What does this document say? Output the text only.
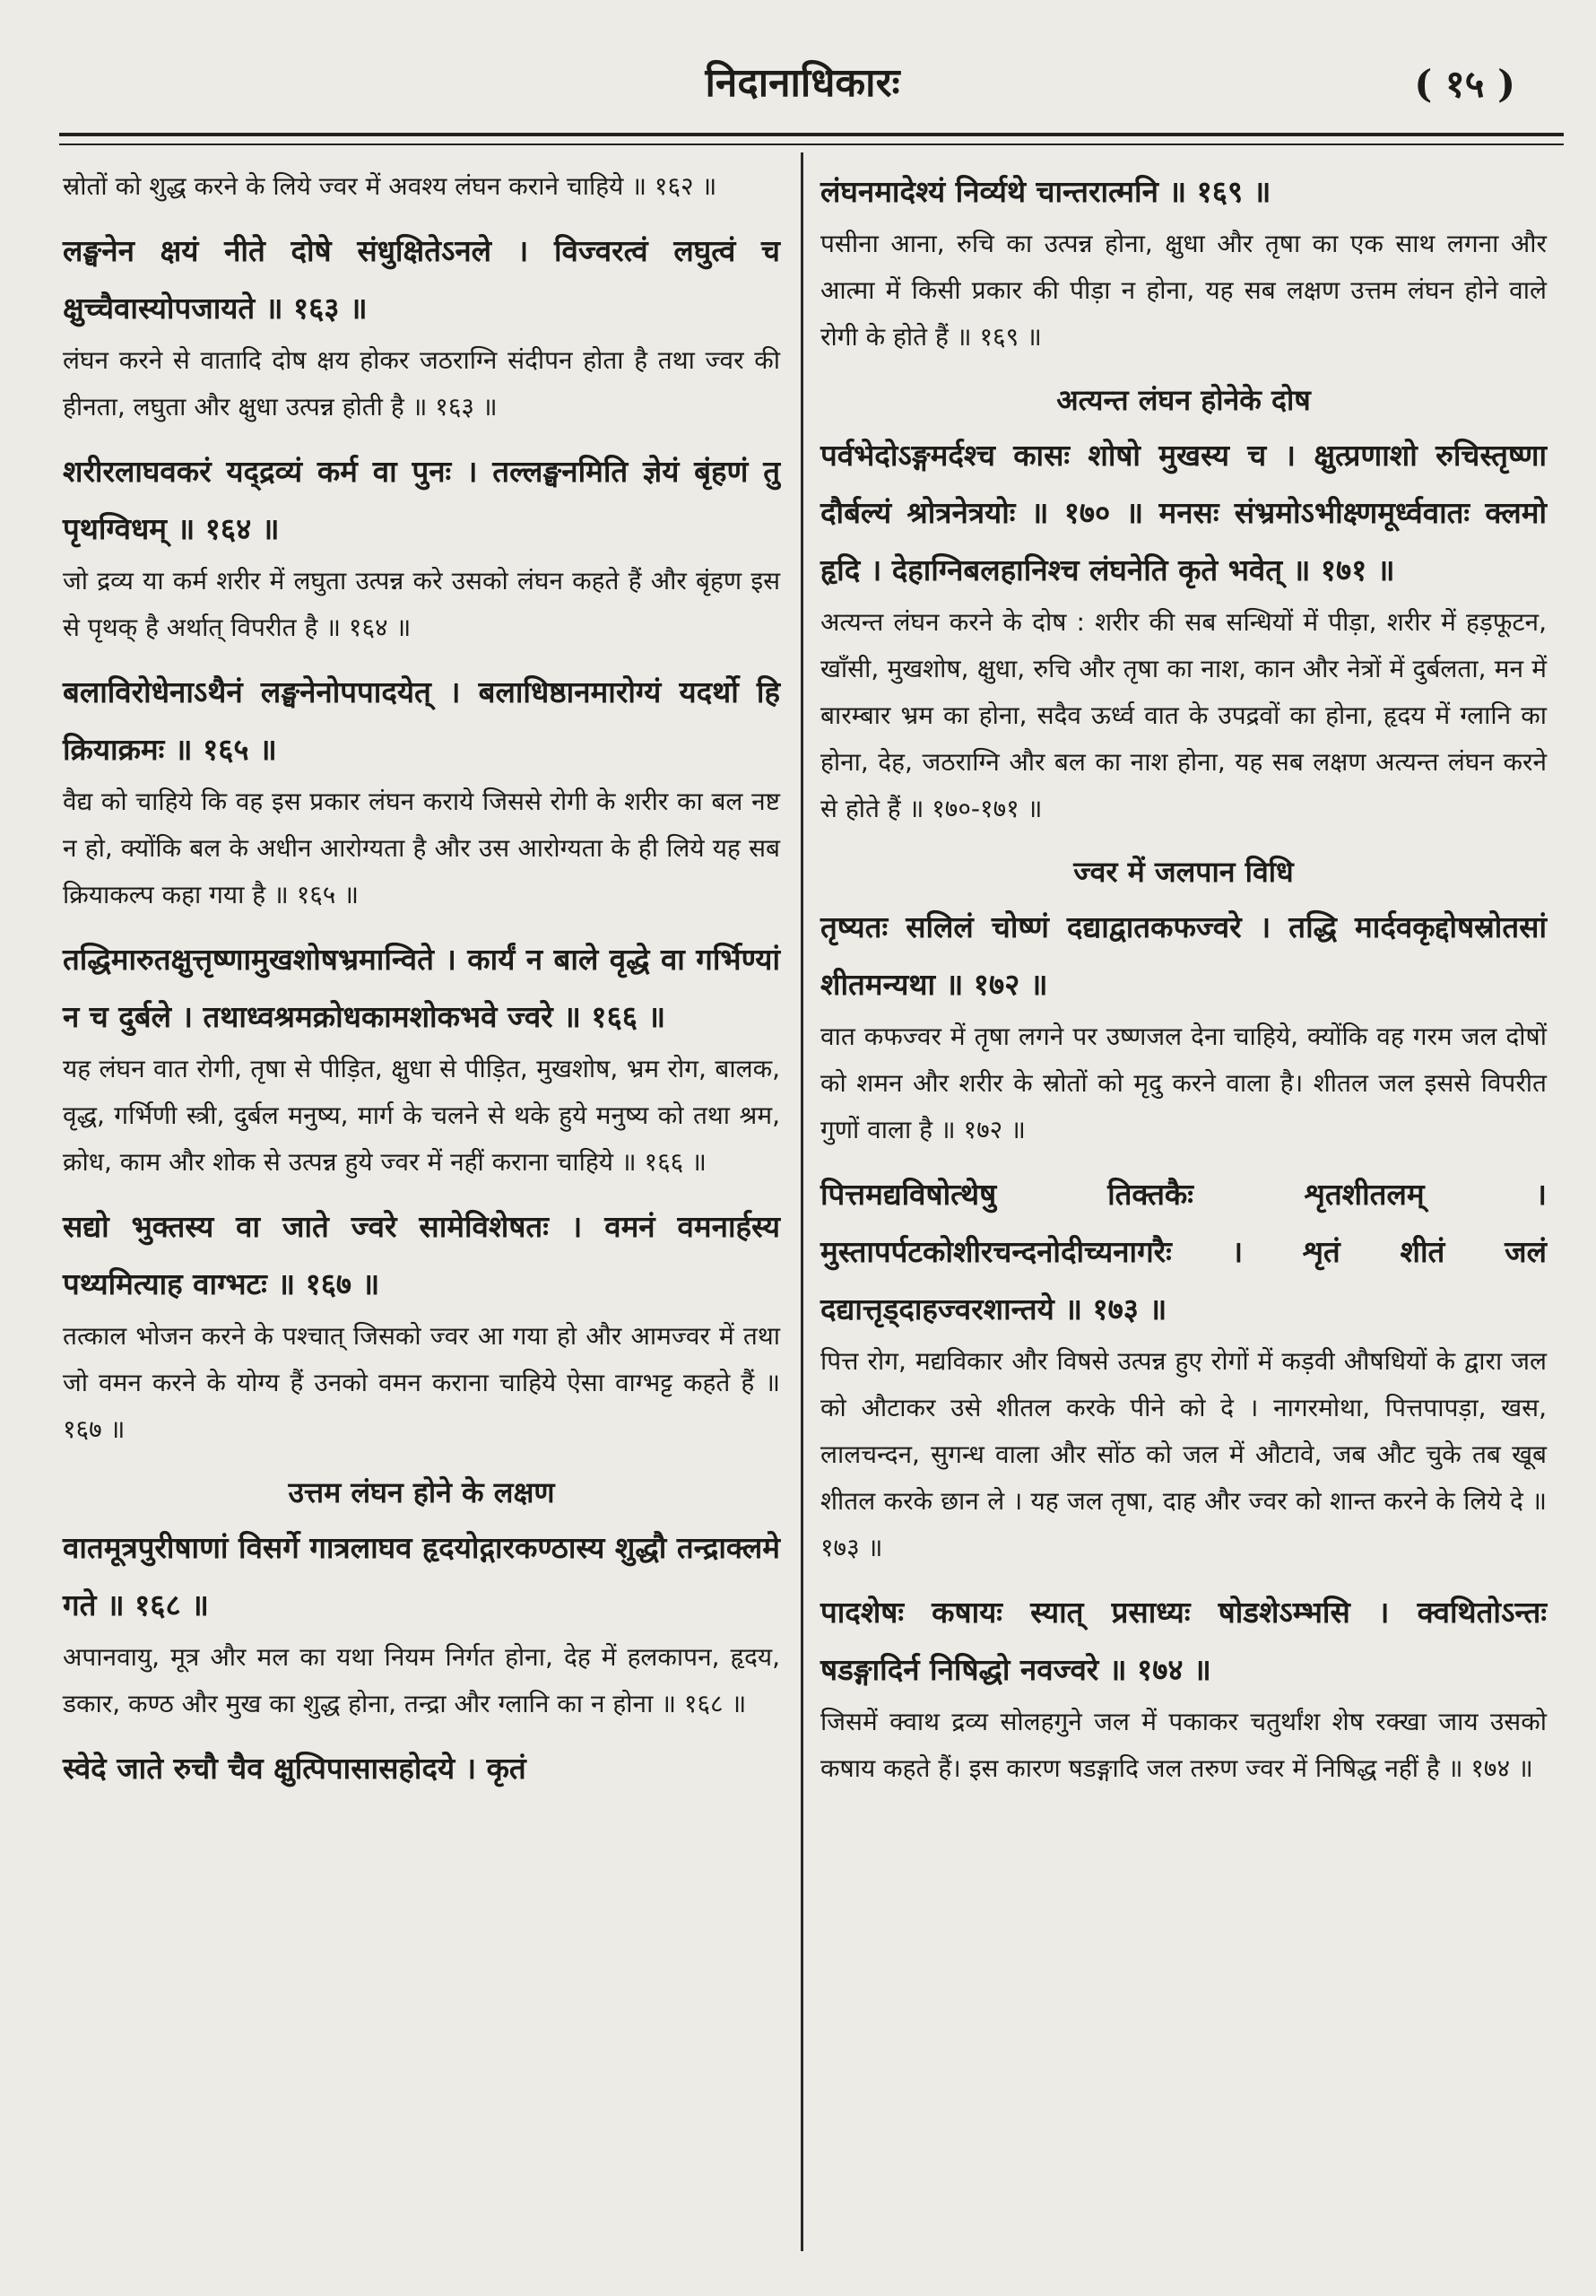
निदानाधिकारः	( १५ )

स्रोतों को शुद्ध करने के लिये ज्वर में अवश्य लंघन कराने चाहिये ॥ १६२ ॥

लङ्घनेन क्षयं नीते दोषे संधुक्षितेऽनले । विज्वरत्वं लघुत्वं च क्षुच्चैवास्योपजायते ॥ १६३ ॥

लंघन करने से वातादि दोष क्षय होकर जठराग्नि संदीपन होता है तथा ज्वर की हीनता, लघुता और क्षुधा उत्पन्न होती है ॥ १६३ ॥

शरीरलाघवकरं यद्द्रव्यं कर्म वा पुनः । तल्लङ्घनमिति ज्ञेयं बृंहणं तु पृथग्विधम् ॥ १६४ ॥

जो द्रव्य या कर्म शरीर में लघुता उत्पन्न करे उसको लंघन कहते हैं और बृंहण इस से पृथक् है अर्थात् विपरीत है ॥ १६४ ॥

बलाविरोधेनाऽथैनं लङ्घनेनोपपादयेत् । बलाधिष्ठानमारोग्यं यदर्थो हि क्रियाक्रमः ॥ १६५ ॥

वैद्य को चाहिये कि वह इस प्रकार लंघन कराये जिससे रोगी के शरीर का बल नष्ट न हो, क्योंकि बल के अधीन आरोग्यता है और उस आरोग्यता के ही लिये यह सब क्रियाकल्प कहा गया है ॥ १६५ ॥

तद्धिमारुतक्षुत्तृष्णामुखशोषभ्रमान्विते । कार्यं न बाले वृद्धे वा गर्भिण्यां न च दुर्बले । तथाध्वश्रमक्रोधकामशोकभवे ज्वरे ॥ १६६ ॥

यह लंघन वात रोगी, तृषा से पीड़ित, क्षुधा से पीड़ित, मुखशोष, भ्रम रोग, बालक, वृद्ध, गर्भिणी स्त्री, दुर्बल मनुष्य, मार्ग के चलने से थके हुये मनुष्य को तथा श्रम, क्रोध, काम और शोक से उत्पन्न हुये ज्वर में नहीं कराना चाहिये ॥ १६६ ॥

सद्यो भुक्तस्य वा जाते ज्वरे सामेविशेषतः । वमनं वमनार्हस्य पथ्यमित्याह वाग्भटः ॥ १६७ ॥

तत्काल भोजन करने के पश्चात् जिसको ज्वर आ गया हो और आमज्वर में तथा जो वमन करने के योग्य हैं उनको वमन कराना चाहिये ऐसा वाग्भट्ट कहते हैं ॥ १६७ ॥

उत्तम लंघन होने के लक्षण

वातमूत्रपुरीषाणां विसर्गे गात्रलाघव हृदयोद्गारकण्ठास्य शुद्धौ तन्द्राक्लमे गते ॥ १६८ ॥

अपानवायु, मूत्र और मल का यथा नियम निर्गत होना, देह में हलकापन, हृदय, डकार, कण्ठ और मुख का शुद्ध होना, तन्द्रा और ग्लानि का न होना ॥ १६८ ॥

स्वेदे जाते रुचौ चैव क्षुत्पिपासासहोदये । कृतं

लंघनमादेश्यं निर्व्यथे चान्तरात्मनि ॥ १६९ ॥

पसीना आना, रुचि का उत्पन्न होना, क्षुधा और तृषा का एक साथ लगना और आत्मा में किसी प्रकार की पीड़ा न होना, यह सब लक्षण उत्तम लंघन होने वाले रोगी के होते हैं ॥ १६९ ॥

अत्यन्त लंघन होनेके दोष

पर्वभेदोऽङ्गमर्दश्च कासः शोषो मुखस्य च । क्षुत्प्रणाशो रुचिस्तृष्णा दौर्बल्यं श्रोत्रनेत्रयोः ॥ १७० ॥ मनसः संभ्रमोऽभीक्ष्णमूर्ध्ववातः क्लमो हृदि । देहाग्निबलहानिश्च लंघनेति कृते भवेत् ॥ १७१ ॥

अत्यन्त लंघन करने के दोष : शरीर की सब सन्धियों में पीड़ा, शरीर में हड़फूटन, खाँसी, मुखशोष, क्षुधा, रुचि और तृषा का नाश, कान और नेत्रों में दुर्बलता, मन में बारम्बार भ्रम का होना, सदैव ऊर्ध्व वात के उपद्रवों का होना, हृदय में ग्लानि का होना, देह, जठराग्नि और बल का नाश होना, यह सब लक्षण अत्यन्त लंघन करने से होते हैं ॥ १७०-१७१ ॥

ज्वर में जलपान विधि

तृष्यतः सलिलं चोष्णं दद्याद्वातकफज्वरे । तद्धि मार्दवकृद्दोषस्रोतसां शीतमन्यथा ॥ १७२ ॥

वात कफज्वर में तृषा लगने पर उष्णजल देना चाहिये, क्योंकि वह गरम जल दोषों को शमन और शरीर के स्रोतों को मृदु करने वाला है। शीतल जल इससे विपरीत गुणों वाला है ॥ १७२ ॥

पित्तमद्यविषोत्थेषु तिक्तकैः शृतशीतलम् । मुस्तापर्पटकोशीरचन्दनोदीच्यनागरैः । शृतं शीतं जलं दद्यात्तृड्दाहज्वरशान्तये ॥ १७३ ॥

पित्त रोग, मद्यविकार और विषसे उत्पन्न हुए रोगों में कड़वी औषधियों के द्वारा जल को औटाकर उसे शीतल करके पीने को दे । नागरमोथा, पित्तपापड़ा, खस, लालचन्दन, सुगन्ध वाला और सोंठ को जल में औटावे, जब औट चुके तब खूब शीतल करके छान ले । यह जल तृषा, दाह और ज्वर को शान्त करने के लिये दे ॥ १७३ ॥

पादशेषः कषायः स्यात् प्रसाध्यः षोडशेऽम्भसि । क्वथितोऽन्तः षडङ्गादिर्न निषिद्धो नवज्वरे ॥ १७४ ॥

जिसमें क्वाथ द्रव्य सोलहगुने जल में पकाकर चतुर्थांश शेष रक्खा जाय उसको कषाय कहते हैं। इस कारण षडङ्गादि जल तरुण ज्वर में निषिद्ध नहीं है ॥ १७४ ॥
